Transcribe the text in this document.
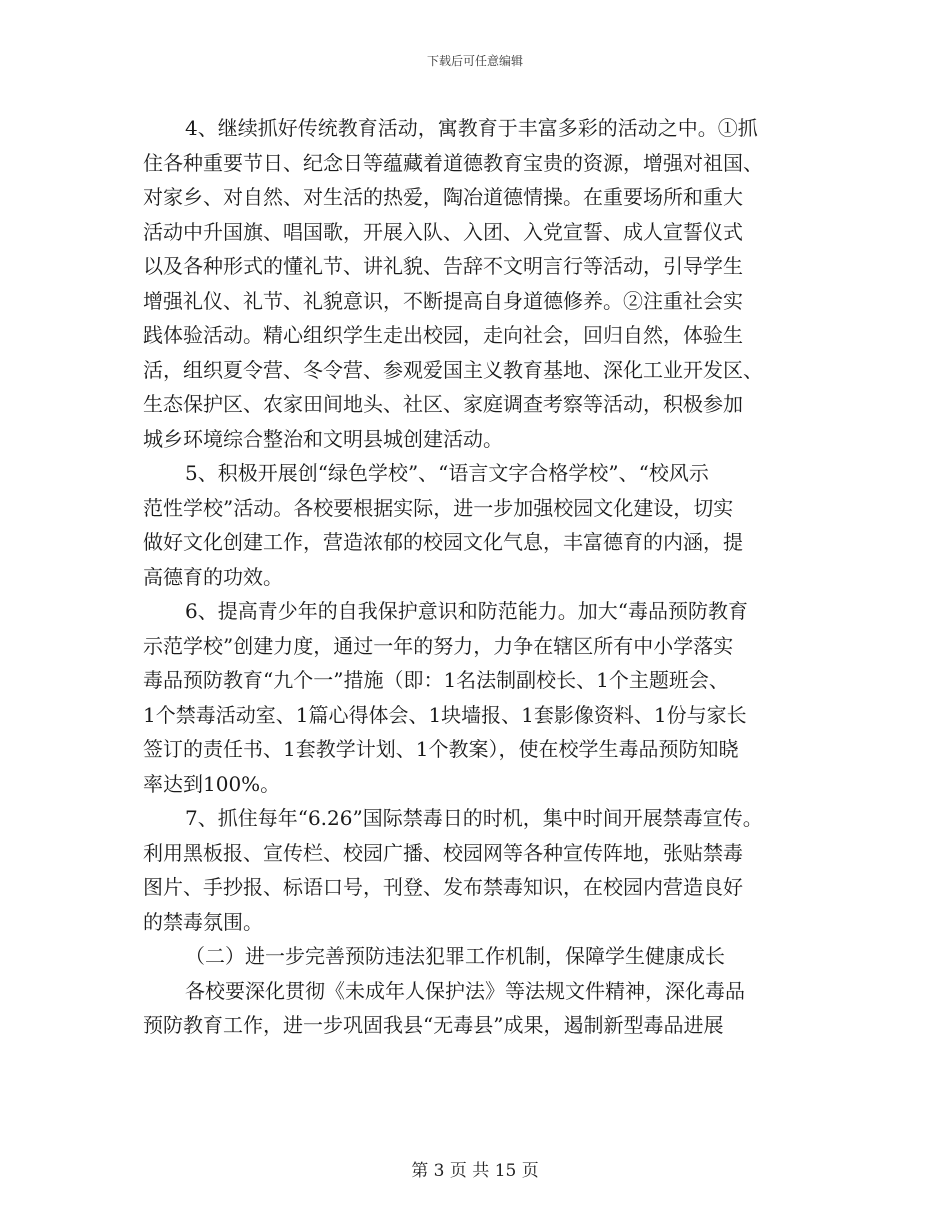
下载后可任意编辑
4、继续抓好传统教育活动，寓教育于丰富多彩的活动之中。①抓
住各种重要节日、纪念日等蕴藏着道德教育宝贵的资源，增强对祖国、
对家乡、对自然、对生活的热爱，陶冶道德情操。在重要场所和重大
活动中升国旗、唱国歌，开展入队、入团、入党宣誓、成人宣誓仪式
以及各种形式的懂礼节、讲礼貌、告辞不文明言行等活动，引导学生
增强礼仪、礼节、礼貌意识，不断提高自身道德修养。②注重社会实
践体验活动。精心组织学生走出校园，走向社会，回归自然，体验生
活，组织夏令营、冬令营、参观爱国主义教育基地、深化工业开发区、
生态保护区、农家田间地头、社区、家庭调查考察等活动，积极参加
城乡环境综合整治和文明县城创建活动。
5、积极开展创“绿色学校”、“语言文字合格学校”、“校风示
范性学校”活动。各校要根据实际，进一步加强校园文化建设，切实
做好文化创建工作，营造浓郁的校园文化气息，丰富德育的内涵，提
高德育的功效。
6、提高青少年的自我保护意识和防范能力。加大“毒品预防教育
示范学校”创建力度，通过一年的努力，力争在辖区所有中小学落实
毒品预防教育“九个一”措施（即：1名法制副校长、1个主题班会、
1个禁毒活动室、1篇心得体会、1块墙报、1套影像资料、1份与家长
签订的责任书、1套教学计划、1个教案），使在校学生毒品预防知晓
率达到100%。
7、抓住每年“6.26”国际禁毒日的时机，集中时间开展禁毒宣传。
利用黑板报、宣传栏、校园广播、校园网等各种宣传阵地，张贴禁毒
图片、手抄报、标语口号，刊登、发布禁毒知识，在校园内营造良好
的禁毒氛围。
（二）进一步完善预防违法犯罪工作机制，保障学生健康成长
各校要深化贯彻《未成年人保护法》等法规文件精神，深化毒品
预防教育工作，进一步巩固我县“无毒县”成果，遏制新型毒品进展
第 3 页 共 15 页
